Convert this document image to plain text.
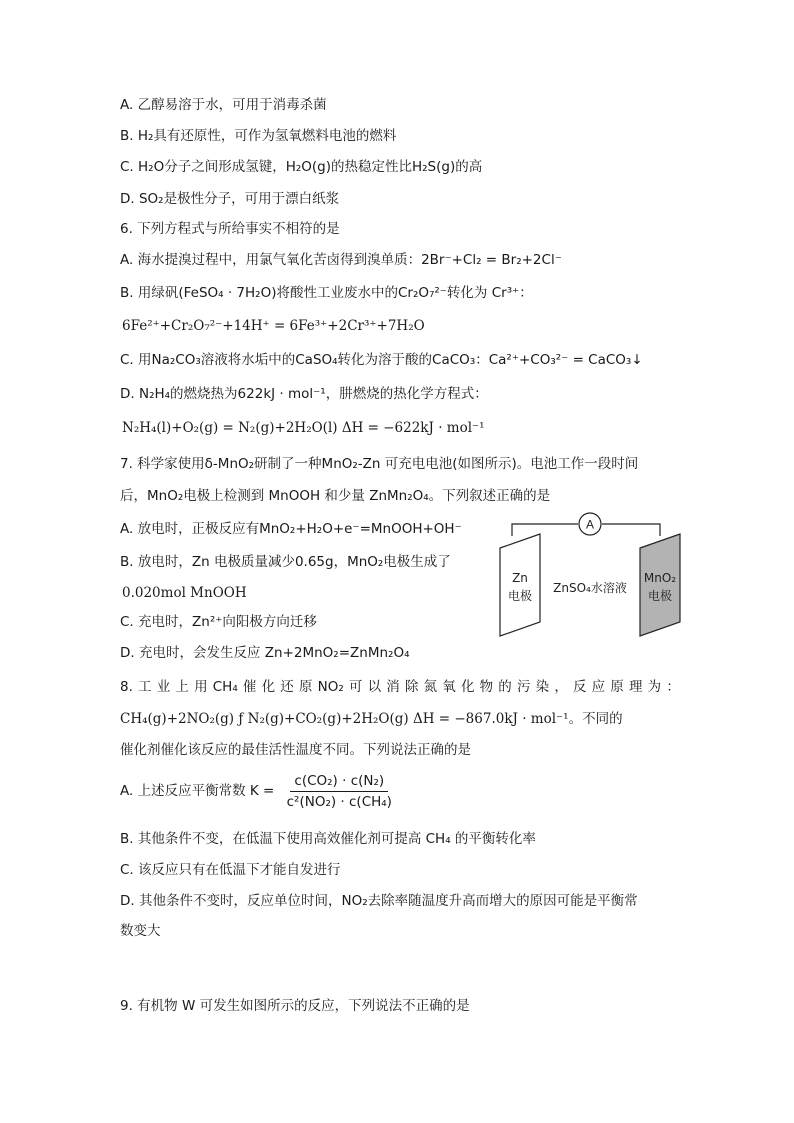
A. 乙醇易溶于水，可用于消毒杀菌
B. H₂具有还原性，可作为氢氧燃料电池的燃料
C. H₂O分子之间形成氢键，H₂O(g)的热稳定性比H₂S(g)的高
D. SO₂是极性分子，可用于漂白纸浆
6. 下列方程式与所给事实不相符的是
A. 海水提溴过程中，用氯气氧化苦卤得到溴单质：2Br⁻+Cl₂ = Br₂+2Cl⁻
B. 用绿矾(FeSO₄ · 7H₂O)将酸性工业废水中的Cr₂O₇²⁻转化为 Cr³⁺：
6Fe²⁺+Cr₂O₇²⁻+14H⁺ = 6Fe³⁺+2Cr³⁺+7H₂O
C. 用Na₂CO₃溶液将水垢中的CaSO₄转化为溶于酸的CaCO₃：Ca²⁺+CO₃²⁻ = CaCO₃↓
D. N₂H₄的燃烧热为622kJ · mol⁻¹，肼燃烧的热化学方程式：
N₂H₄(l)+O₂(g) = N₂(g)+2H₂O(l) ΔH = −622kJ · mol⁻¹
7. 科学家使用δ-MnO₂研制了一种MnO₂-Zn 可充电电池(如图所示)。电池工作一段时间
后，MnO₂电极上检测到 MnOOH 和少量 ZnMn₂O₄。下列叙述正确的是
A. 放电时，正极反应有MnO₂+H₂O+e⁻=MnOOH+OH⁻
B. 放电时，Zn 电极质量减少0.65g，MnO₂电极生成了
0.020mol MnOOH
C. 充电时，Zn²⁺向阳极方向迁移
D. 充电时，会发生反应 Zn+2MnO₂=ZnMn₂O₄
A
Zn
电极
ZnSO₄水溶液
MnO₂
电极
8. 工 业 上 用 CH₄ 催 化 还 原 NO₂ 可 以 消 除 氮 氧 化 物 的 污 染 ， 反 应 原 理 为 ：
CH₄(g)+2NO₂(g) ƒ N₂(g)+CO₂(g)+2H₂O(g) ΔH = −867.0kJ · mol⁻¹。不同的
催化剂催化该反应的最佳活性温度不同。下列说法正确的是
A. 上述反应平衡常数 $K = \frac{\text{c(CO₂) · c(N₂)}}{\text{c²(NO₂) · c(CH₄)}}$
B. 其他条件不变，在低温下使用高效催化剂可提高 CH₄ 的平衡转化率
C. 该反应只有在低温下才能自发进行
D. 其他条件不变时，反应单位时间，NO₂去除率随温度升高而增大的原因可能是平衡常
数变大
9. 有机物 W 可发生如图所示的反应，下列说法不正确的是
